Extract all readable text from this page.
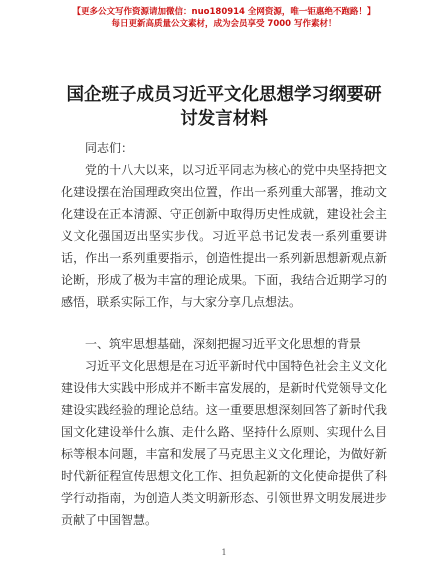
【更多公文写作资源请加微信：nuo180914 全网资源，唯一钜惠绝不跑路！】
每日更新高质量公文素材，成为会员享受 7000 写作素材！
国企班子成员习近平文化思想学习纲要研讨发言材料

同志们：

党的十八大以来，以习近平同志为核心的党中央坚持把文化建设摆在治国理政突出位置，作出一系列重大部署，推动文化建设在正本清源、守正创新中取得历史性成就，建设社会主义文化强国迈出坚实步伐。习近平总书记发表一系列重要讲话，作出一系列重要指示，创造性提出一系列新思想新观点新论断，形成了极为丰富的理论成果。下面，我结合近期学习的感悟，联系实际工作，与大家分享几点想法。

一、筑牢思想基础，深刻把握习近平文化思想的背景

习近平文化思想是在习近平新时代中国特色社会主义文化建设伟大实践中形成并不断丰富发展的，是新时代党领导文化建设实践经验的理论总结。这一重要思想深刻回答了新时代我国文化建设举什么旗、走什么路、坚持什么原则、实现什么目标等根本问题，丰富和发展了马克思主义文化理论，为做好新时代新征程宣传思想文化工作、担负起新的文化使命提供了科学行动指南，为创造人类文明新形态、引领世界文明发展进步贡献了中国智慧。

1
